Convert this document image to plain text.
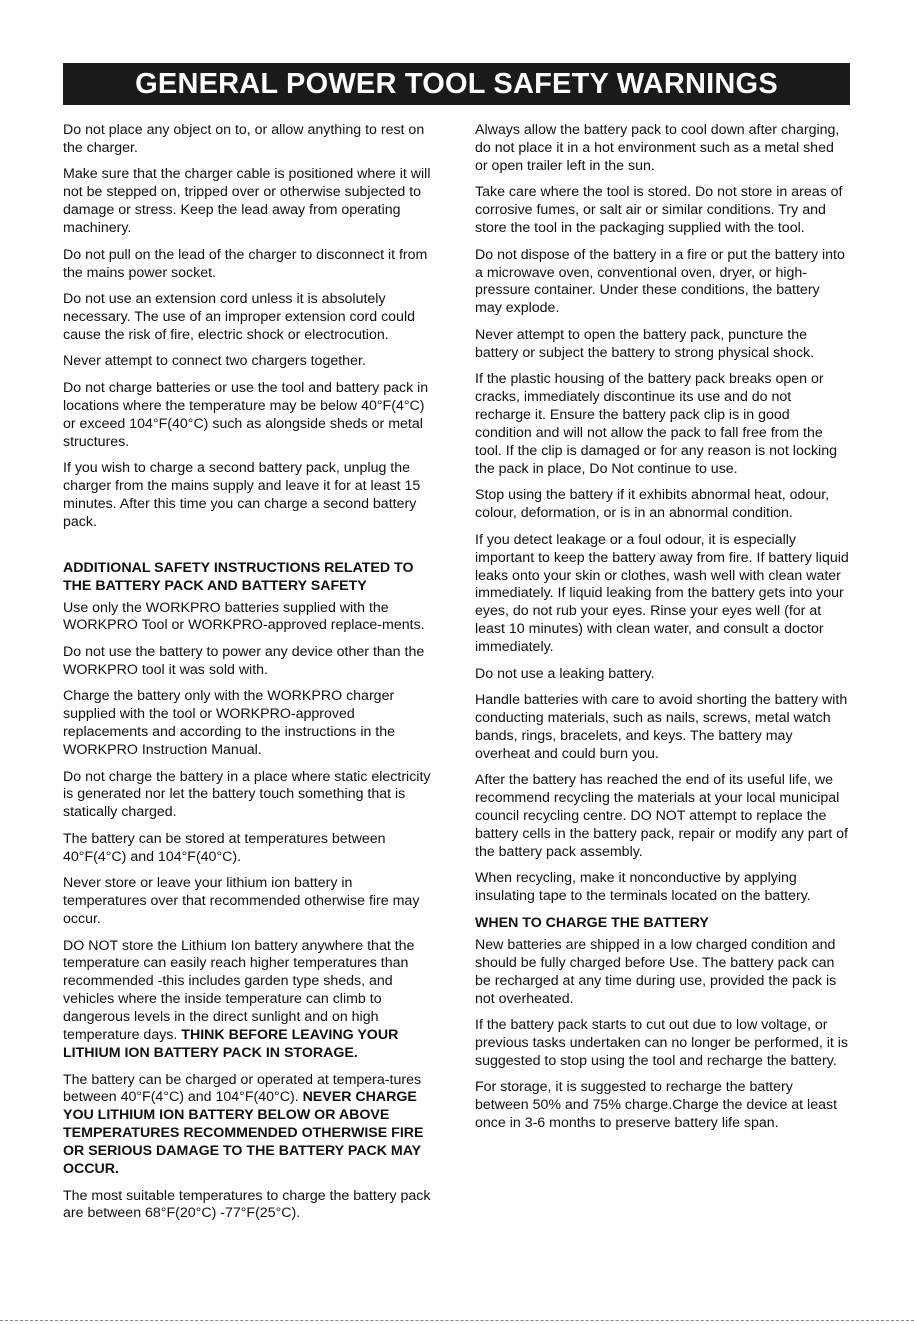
GENERAL POWER TOOL SAFETY WARNINGS

Do not place any object on to, or allow anything to rest on the charger.

Make sure that the charger cable is positioned where it will not be stepped on, tripped over or otherwise subjected to damage or stress. Keep the lead away from operating machinery.

Do not pull on the lead of the charger to disconnect it from the mains power socket.

Do not use an extension cord unless it is absolutely necessary. The use of an improper extension cord could cause the risk of fire, electric shock or electrocution.

Never attempt to connect two chargers together.

Do not charge batteries or use the tool and battery pack in locations where the temperature may be below 40°F(4°C) or exceed 104°F(40°C) such as alongside sheds or metal structures.

If you wish to charge a second battery pack, unplug the charger from the mains supply and leave it for at least 15 minutes. After this time you can charge a second battery pack.

ADDITIONAL SAFETY INSTRUCTIONS RELATED TO THE BATTERY PACK AND BATTERY SAFETY

Use only the WORKPRO batteries supplied with the WORKPRO Tool or WORKPRO-approved replace-ments.

Do not use the battery to power any device other than the WORKPRO tool it was sold with.

Charge the battery only with the WORKPRO charger supplied with the tool or WORKPRO-approved replacements and according to the instructions in the WORKPRO Instruction Manual.

Do not charge the battery in a place where static electricity is generated nor let the battery touch something that is statically charged.

The battery can be stored at temperatures between 40°F(4°C) and 104°F(40°C).

Never store or leave your lithium ion battery in temperatures over that recommended otherwise fire may occur.

DO NOT store the Lithium Ion battery anywhere that the temperature can easily reach higher temperatures than recommended -this includes garden type sheds, and vehicles where the inside temperature can climb to dangerous levels in the direct sunlight and on high temperature days. THINK BEFORE LEAVING YOUR LITHIUM ION BATTERY PACK IN STORAGE.

The battery can be charged or operated at tempera-tures between 40°F(4°C) and 104°F(40°C). NEVER CHARGE YOU LITHIUM ION BATTERY BELOW OR ABOVE TEMPERATURES RECOMMENDED OTHERWISE FIRE OR SERIOUS DAMAGE TO THE BATTERY PACK MAY OCCUR.

The most suitable temperatures to charge the battery pack are between 68°F(20°C) -77°F(25°C).

Always allow the battery pack to cool down after charging, do not place it in a hot environment such as a metal shed or open trailer left in the sun.

Take care where the tool is stored. Do not store in areas of corrosive fumes, or salt air or similar conditions. Try and store the tool in the packaging supplied with the tool.

Do not dispose of the battery in a fire or put the battery into a microwave oven, conventional oven, dryer, or high-pressure container. Under these conditions, the battery may explode.

Never attempt to open the battery pack, puncture the battery or subject the battery to strong physical shock.

If the plastic housing of the battery pack breaks open or cracks, immediately discontinue its use and do not recharge it. Ensure the battery pack clip is in good condition and will not allow the pack to fall free from the tool. If the clip is damaged or for any reason is not locking the pack in place, Do Not continue to use.

Stop using the battery if it exhibits abnormal heat, odour, colour, deformation, or is in an abnormal condition.

If you detect leakage or a foul odour, it is especially important to keep the battery away from fire. If battery liquid leaks onto your skin or clothes, wash well with clean water immediately. If liquid leaking from the battery gets into your eyes, do not rub your eyes. Rinse your eyes well (for at least 10 minutes) with clean water, and consult a doctor immediately.

Do not use a leaking battery.

Handle batteries with care to avoid shorting the battery with conducting materials, such as nails, screws, metal watch bands, rings, bracelets, and keys. The battery may overheat and could burn you.

After the battery has reached the end of its useful life, we recommend recycling the materials at your local municipal council recycling centre. DO NOT attempt to replace the battery cells in the battery pack, repair or modify any part of the battery pack assembly.

When recycling, make it nonconductive by applying insulating tape to the terminals located on the battery.

WHEN TO CHARGE THE BATTERY

New batteries are shipped in a low charged condition and should be fully charged before Use. The battery pack can be recharged at any time during use, provided the pack is not overheated.

If the battery pack starts to cut out due to low voltage, or previous tasks undertaken can no longer be performed, it is suggested to stop using the tool and recharge the battery.

For storage, it is suggested to recharge the battery between 50% and 75% charge.Charge the device at least once in 3-6 months to preserve battery life span.
